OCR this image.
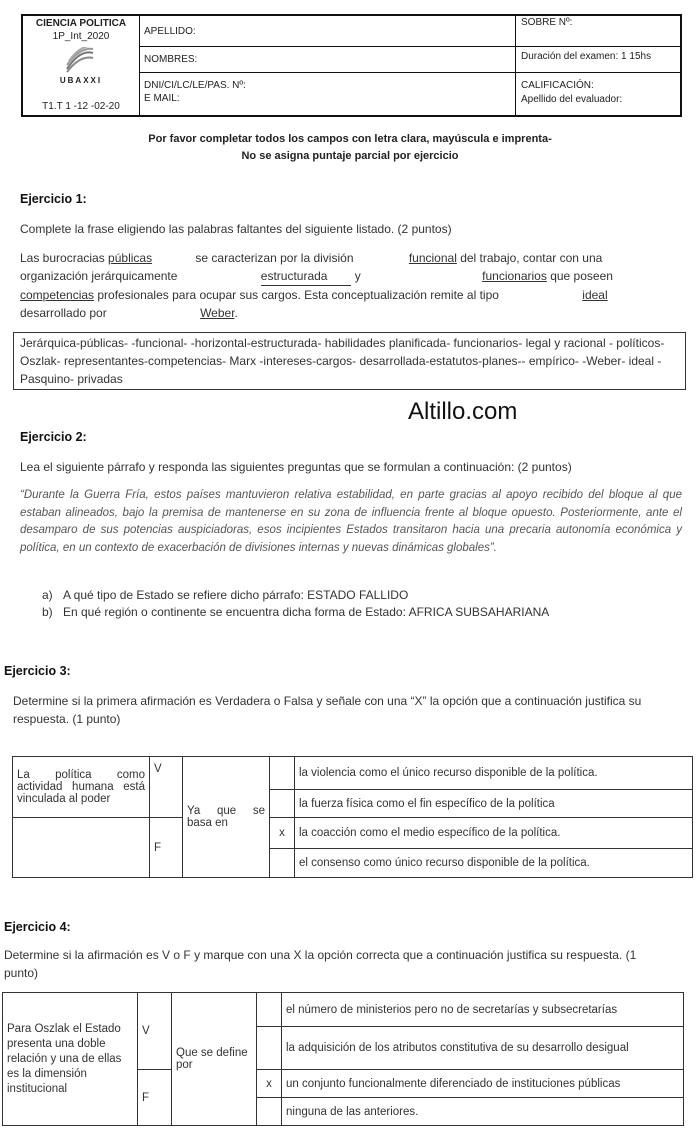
CIENCIA POLITICA
1P_Int_2020
UBAXXI
T1.T 1 -12 -02-20
APELLIDO:
NOMBRES:
DNI/CI/LC/LE/PAS. Nº:
E MAIL:
SOBRE Nº:
Duración del examen: 1 15hs
CALIFICACIÓN:
Apellido del evaluador:
Por favor completar todos los campos con letra clara, mayúscula e imprenta-
No se asigna puntaje parcial por ejercicio
Ejercicio 1:
Complete la frase eligiendo las palabras faltantes del siguiente listado. (2 puntos)
Las burocracias públicas	se caracterizan por la división	funcional del trabajo, contar con una
organización jerárquicamente	estructurada y	funcionarios que poseen
competencias profesionales para ocupar sus cargos. Esta conceptualización remite al tipo	ideal
desarrollado por	Weber.
Jerárquica-públicas- -funcional- -horizontal-estructurada- habilidades planificada- funcionarios- legal y racional - políticos- Oszlak- representantes-competencias- Marx -intereses-cargos- desarrollada-estatutos-planes-- empírico- -Weber- ideal - Pasquino- privadas
Altillo.com
Ejercicio 2:
Lea el siguiente párrafo y responda las siguientes preguntas que se formulan a continuación: (2 puntos)
“Durante la Guerra Fría, estos países mantuvieron relativa estabilidad, en parte gracias al apoyo recibido del bloque al que estaban alineados, bajo la premisa de mantenerse en su zona de influencia frente al bloque opuesto. Posteriormente, ante el desamparo de sus potencias auspiciadoras, esos incipientes Estados transitaron hacia una precaria autonomía económica y política, en un contexto de exacerbación de divisiones internas y nuevas dinámicas globales”.
a) A qué tipo de Estado se refiere dicho párrafo: ESTADO FALLIDO
b) En qué región o continente se encuentra dicha forma de Estado: AFRICA SUBSAHARIANA
Ejercicio 3:
Determine si la primera afirmación es Verdadera o Falsa y señale con una “X” la opción que a continuación justifica su respuesta. (1 punto)
La política como actividad humana está vinculada al poder	V	Ya que se basa en		la violencia como el único recurso disponible de la política.
				la fuerza física como el fin específico de la política
	F		x	la coacción como el medio específico de la política.
				el consenso como único recurso disponible de la política.
Ejercicio 4:
Determine si la afirmación es V o F y marque con una X la opción correcta que a continuación justifica su respuesta. (1 punto)
Para Oszlak el Estado presenta una doble relación y una de ellas es la dimensión institucional	V	Que se define por		el número de ministerios pero no de secretarías y subsecretarías
				la adquisición de los atributos constitutiva de su desarrollo desigual
	F		x	un conjunto funcionalmente diferenciado de instituciones públicas
				ninguna de las anteriores.
